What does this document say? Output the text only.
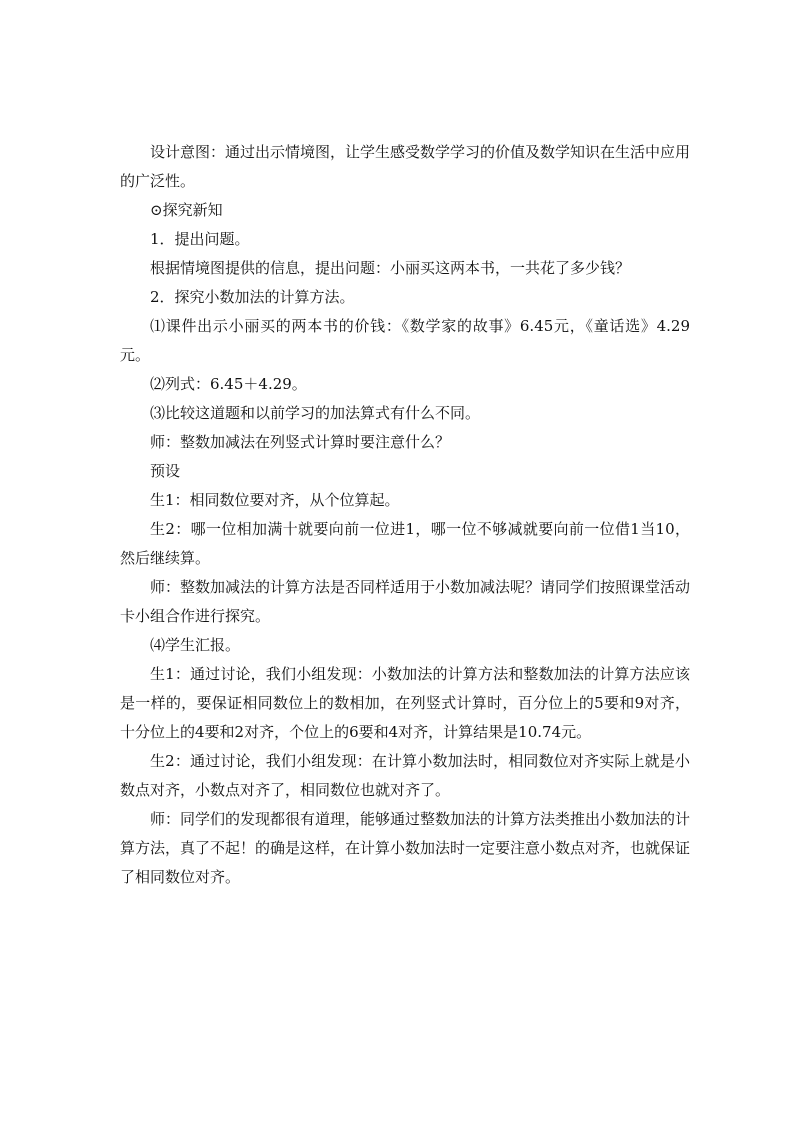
设计意图：通过出示情境图，让学生感受数学学习的价值及数学知识在生活中应用的广泛性。

⊙探究新知

1．提出问题。

根据情境图提供的信息，提出问题：小丽买这两本书，一共花了多少钱？

2．探究小数加法的计算方法。

⑴课件出示小丽买的两本书的价钱：《数学家的故事》6.45元，《童话选》4.29元。

⑵列式：6.45＋4.29。

⑶比较这道题和以前学习的加法算式有什么不同。

师：整数加减法在列竖式计算时要注意什么？

预设

生1：相同数位要对齐，从个位算起。

生2：哪一位相加满十就要向前一位进1，哪一位不够减就要向前一位借1当10，然后继续算。

师：整数加减法的计算方法是否同样适用于小数加减法呢？请同学们按照课堂活动卡小组合作进行探究。

⑷学生汇报。

生1：通过讨论，我们小组发现：小数加法的计算方法和整数加法的计算方法应该是一样的，要保证相同数位上的数相加，在列竖式计算时，百分位上的5要和9对齐，十分位上的4要和2对齐，个位上的6要和4对齐，计算结果是10.74元。

生2：通过讨论，我们小组发现：在计算小数加法时，相同数位对齐实际上就是小数点对齐，小数点对齐了，相同数位也就对齐了。

师：同学们的发现都很有道理，能够通过整数加法的计算方法类推出小数加法的计算方法，真了不起！的确是这样，在计算小数加法时一定要注意小数点对齐，也就保证了相同数位对齐。
